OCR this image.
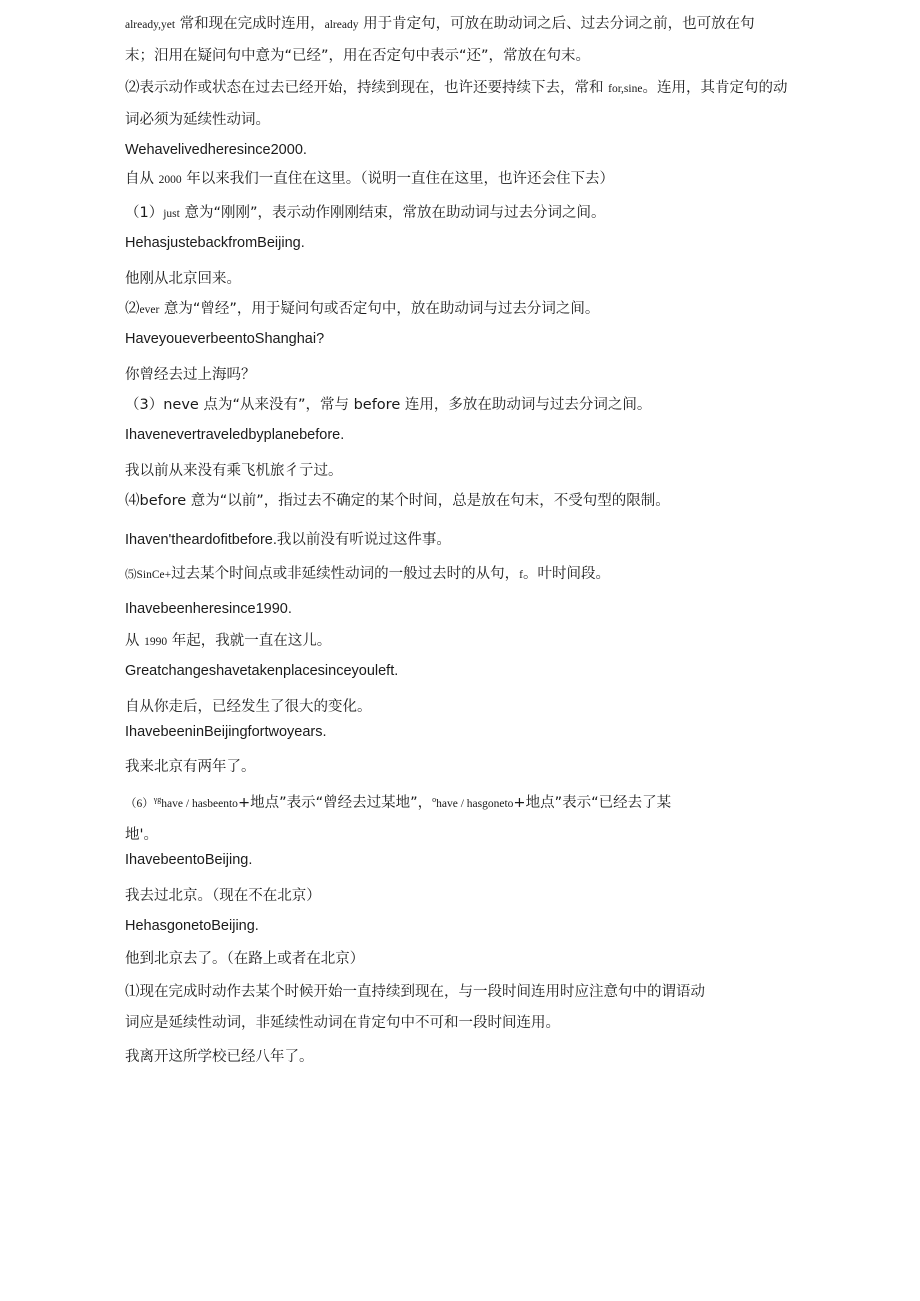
already,yet 常和现在完成时连用，already 用于肯定句，可放在助动词之后、过去分词之前，也可放在句
末；汨用在疑问句中意为“已经”，用在否定句中表示“还”，常放在句末。
⑵表示动作或状态在过去已经开始，持续到现在，也许还要持续下去，常和 for,sine。连用，其肯定句的动
词必须为延续性动词。
Wehavelivedheresince2000.
自从 2000 年以来我们一直住在这里。（说明一直住在这里，也许还会住下去）
（1）just 意为“刚刚”，表示动作刚刚结束，常放在助动词与过去分词之间。
HehasjustebackfromBeijing.
他刚从北京回来。
⑵ever 意为“曾经”，用于疑问句或否定句中，放在助动词与过去分词之间。
HaveyoueverbeentoShanghai?
你曾经去过上海吗？
（3）neve 点为“从来没有”，常与 before 连用，多放在助动词与过去分词之间。
Ihavenevertraveledbyplanebefore.
我以前从来没有乘飞机旅彳亍过。
⑷before 意为“以前”，指过去不确定的某个时间，总是放在句末，不受句型的限制。
Ihaven'theardofitbefore.我以前没有听说过这件事。
⑸SinCe+过去某个时间点或非延续性动词的一般过去时的从句，f。叶时间段。
Ihavebeenheresince1990.
从 1990 年起，我就一直在这儿。
Greatchangeshavetakenplacesinceyouleft.
自从你走后，已经发生了很大的变化。
IhavebeeninBeijingfortwoyears.
我来北京有两年了。
$(6)^{\gamma g}have$ / hasbeento+地点”表示“曾经去过某地”，$^o$have / hasgoneto+地点”表示“已经去了某
地'。
IhavebeentoBeijing.
我去过北京。（现在不在北京）
HehasgonetoBeijing.
他到北京去了。（在路上或者在北京）
⑴现在完成时动作去某个时候开始一直持续到现在，与一段时间连用时应注意句中的谓语动
词应是延续性动词，非延续性动词在肯定句中不可和一段时间连用。
我离开这所学校已经八年了。
